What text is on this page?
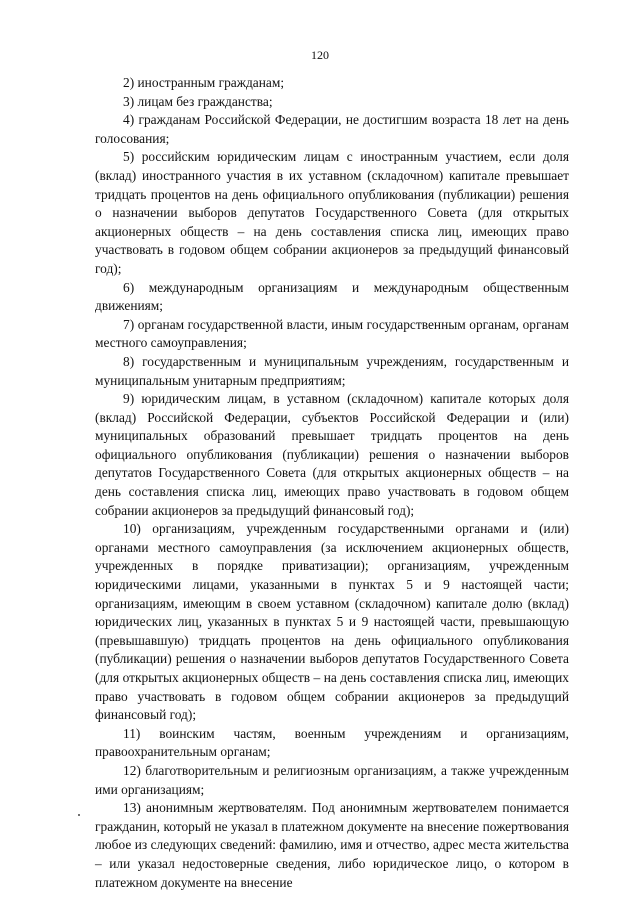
120

2) иностранным гражданам;

3) лицам без гражданства;

4) гражданам Российской Федерации, не достигшим возраста 18 лет на день голосования;

5) российским юридическим лицам с иностранным участием, если доля (вклад) иностранного участия в их уставном (складочном) капитале превышает тридцать процентов на день официального опубликования (публикации) решения о назначении выборов депутатов Государственного Совета (для открытых акционерных обществ – на день составления списка лиц, имеющих право участвовать в годовом общем собрании акционеров за предыдущий финансовый год);

6) международным организациям и международным общественным движениям;

7) органам государственной власти, иным государственным органам, органам местного самоуправления;

8) государственным и муниципальным учреждениям, государственным и муниципальным унитарным предприятиям;

9) юридическим лицам, в уставном (складочном) капитале которых доля (вклад) Российской Федерации, субъектов Российской Федерации и (или) муниципальных образований превышает тридцать процентов на день официального опубликования (публикации) решения о назначении выборов депутатов Государственного Совета (для открытых акционерных обществ – на день составления списка лиц, имеющих право участвовать в годовом общем собрании акционеров за предыдущий финансовый год);

10) организациям, учрежденным государственными органами и (или) органами местного самоуправления (за исключением акционерных обществ, учрежденных в порядке приватизации); организациям, учрежденным юридическими лицами, указанными в пунктах 5 и 9 настоящей части; организациям, имеющим в своем уставном (складочном) капитале долю (вклад) юридических лиц, указанных в пунктах 5 и 9 настоящей части, превышающую (превышавшую) тридцать процентов на день официального опубликования (публикации) решения о назначении выборов депутатов Государственного Совета (для открытых акционерных обществ – на день составления списка лиц, имеющих право участвовать в годовом общем собрании акционеров за предыдущий финансовый год);

11) воинским частям, военным учреждениям и организациям, правоохранительным органам;

12) благотворительным и религиозным организациям, а также учрежденным ими организациям;

13) анонимным жертвователям. Под анонимным жертвователем понимается гражданин, который не указал в платежном документе на внесение пожертвования любое из следующих сведений: фамилию, имя и отчество, адрес места жительства – или указал недостоверные сведения, либо юридическое лицо, о котором в платежном документе на внесение
